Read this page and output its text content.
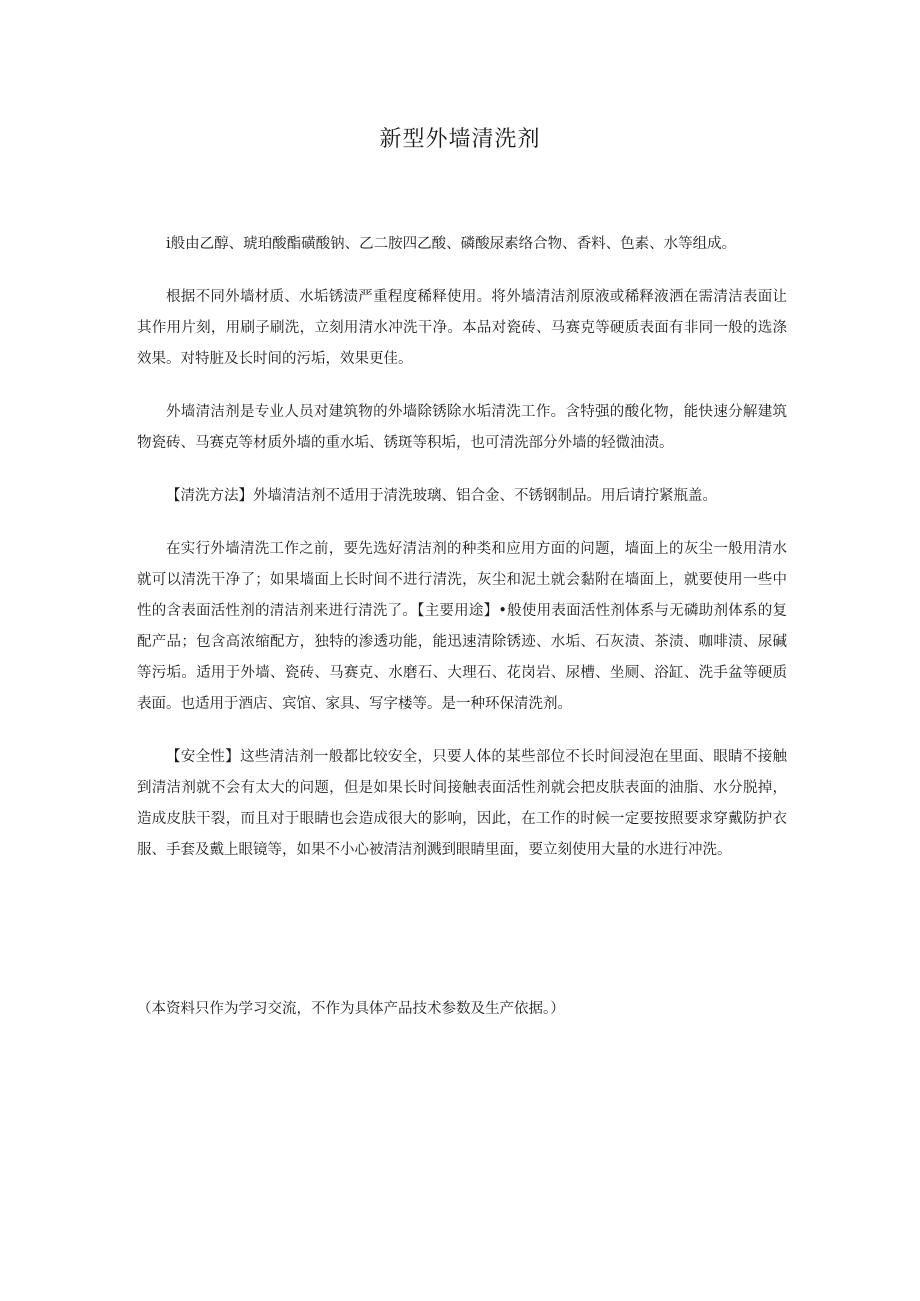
新型外墙清洗剂

i般由乙醇、琥珀酸酯磺酸钠、乙二胺四乙酸、磷酸尿素络合物、香料、色素、水等组成。

根据不同外墙材质、水垢锈渍严重程度稀释使用。将外墙清洁剂原液或稀释液洒在需清洁表面让其作用片刻，用刷子刷洗，立刻用清水冲洗干净。本品对瓷砖、马赛克等硬质表面有非同一般的选涤效果。对特脏及长时间的污垢，效果更佳。

外墙清洁剂是专业人员对建筑物的外墙除锈除水垢清洗工作。含特强的酸化物，能快速分解建筑物瓷砖、马赛克等材质外墙的重水垢、锈斑等积垢，也可清洗部分外墙的轻微油渍。

【清洗方法】外墙清洁剂不适用于清洗玻璃、铝合金、不锈钢制品。用后请拧紧瓶盖。

在实行外墙清洗工作之前，要先选好清洁剂的种类和应用方面的问题，墙面上的灰尘一般用清水就可以清洗干净了；如果墙面上长时间不进行清洗，灰尘和泥土就会黏附在墙面上，就要使用一些中性的含表面活性剂的清洁剂来进行清洗了。【主要用途】•般使用表面活性剂体系与无磷助剂体系的复配产品；包含高浓缩配方，独特的渗透功能，能迅速清除锈迹、水垢、石灰渍、茶渍、咖啡渍、尿碱等污垢。适用于外墙、瓷砖、马赛克、水磨石、大理石、花岗岩、尿槽、坐厕、浴缸、洗手盆等硬质表面。也适用于酒店、宾馆、家具、写字楼等。是一种环保清洗剂。

【安全性】这些清洁剂一般都比较安全，只要人体的某些部位不长时间浸泡在里面、眼睛不接触到清洁剂就不会有太大的问题，但是如果长时间接触表面活性剂就会把皮肤表面的油脂、水分脱掉，造成皮肤干裂，而且对于眼睛也会造成很大的影响，因此，在工作的时候一定要按照要求穿戴防护衣服、手套及戴上眼镜等，如果不小心被清洁剂溅到眼睛里面，要立刻使用大量的水进行冲洗。

（本资料只作为学习交流，不作为具体产品技术参数及生产依据。）
